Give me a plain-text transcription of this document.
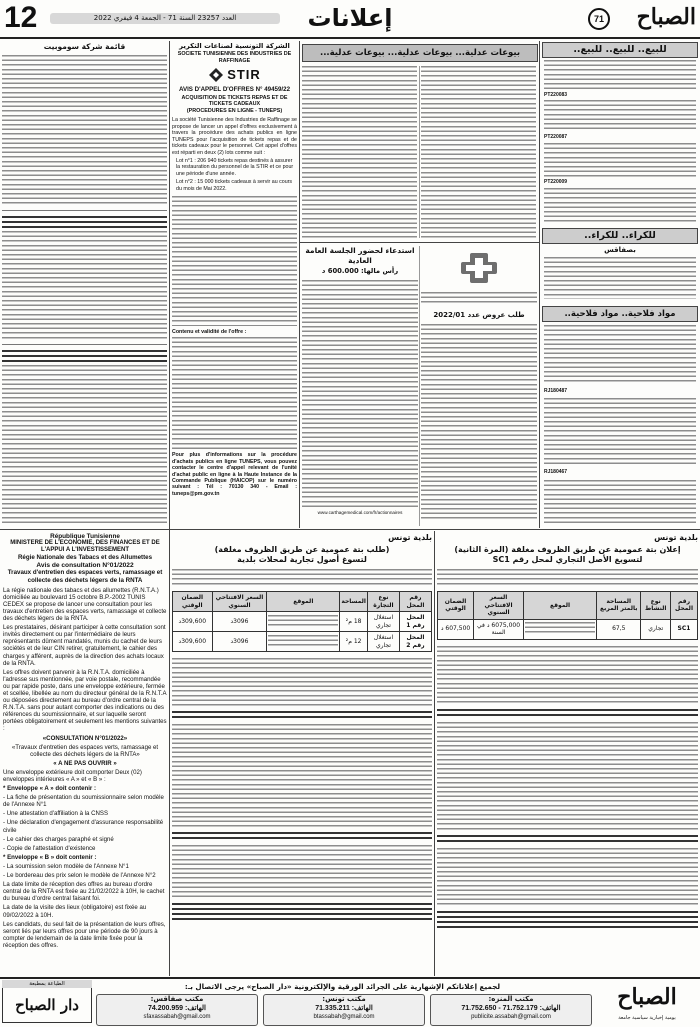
12	العدد 23257 السنة 71 - الجمعة 4 فيفري 2022	إعلانات	الصباح
71
للبيع.. للبيع.. للبيع..
PT220083
PT220087
PT220009
للكراء.. للكراء..
بصفاقس
مواد فلاحية.. مواد فلاحية..
RJ180487
RJ180467
بيوعات عدلية... بيوعات عدلية... بيوعات عدلية...
استدعاء لحضور الجلسة العامة العادية
رأس مالها: 600.000 د
www.carthagemedical.com/fr/actionnaires
طلب عروض عدد 2022/01
الشركة التونسية لصناعات التكرير
SOCIETE TUNISIENNE DES INDUSTRIES DE RAFFINAGE
STIR
AVIS D'APPEL D'OFFRES N° 49459/22
ACQUISITION DE TICKETS REPAS ET DE TICKETS CADEAUX
(PROCEDURES EN LIGNE - TUNEPS)
La société Tunisienne des Industries de Raffinage se propose de lancer un appel d'offres exclusivement à travers la procédure des achats publics en ligne TUNEPS pour l'acquisition de tickets repas et de tickets cadeaux pour le personnel. Cet appel d'offres est réparti en deux (2) lots comme suit :
Lot n°1 : 206 940 tickets repas destinés à assurer la restauration du personnel de la STIR et ce pour une période d'une année.
Lot n°2 : 15 000 tickets cadeaux à servir au cours du mois de Mai 2022.
Contenu et validité de l'offre :
Pour plus d'informations sur la procédure d'achats publics en ligne TUNEPS, vous pouvez contacter le centre d'appel relevant de l'unité d'achat public en ligne à la Haute Instance de la Commande Publique (HAICOP) sur le numéro suivant : Tél : 70130 340 - Email : tuneps@pm.gov.tn
قائمة شركة سوموبيت
République Tunisienne
MINISTERE DE L'ECONOMIE, DES FINANCES ET DE L'APPUI A L'INVESTISSEMENT
Régie Nationale des Tabacs et des Allumettes
Avis de consultation N°01/2022
Travaux d'entretien des espaces verts, ramassage et collecte des déchets légers de la RNTA

La régie nationale des tabacs et des allumettes (R.N.T.A.) domiciliée au boulevard 15 octobre B.P.-2002 TUNIS CEDEX se propose de lancer une consultation pour les travaux d'entretien des espaces verts, ramassage et collecte des déchets légers de la RNTA.

Les prestataires, désirant participer à cette consultation sont invités directement ou par l'intermédiaire de leurs représentants dûment mandatés, munis du cachet de leurs sociétés et de leur CIN retirer, gratuitement, le cahier des charges y afférent, auprès de la direction des achats locaux de la RNTA.

Les offres doivent parvenir à la R.N.T.A. domiciliée à l'adresse sus mentionnée, par voie postale, recommandée ou par rapide poste, dans une enveloppe extérieure, fermée et scellée, libellée au nom du directeur général de la R.N.T.A ou déposées directement au bureau d'ordre central de la R.N.T.A. sans pour autant comporter des indications ou des références du soumissionnaire, et sur laquelle seront portées obligatoirement et seulement les mentions suivantes :

«CONSULTATION N°01/2022»

«Travaux d'entretien des espaces verts, ramassage et collecte des déchets légers de la RNTA»

« A NE PAS OUVRIR »

Une enveloppe extérieure doit comporter Deux (02) enveloppes intérieures « A » et « B » :

* Enveloppe « A » doit contenir :

- La fiche de présentation du soumissionnaire selon modèle de l'Annexe N°1

- Une attestation d'affiliation à la CNSS

- Une déclaration d'engagement d'assurance responsabilité civile

- Le cahier des charges paraphé et signé

- Copie de l'attestation d'existence

* Enveloppe « B » doit contenir :

- La soumission selon modèle de l'Annexe N°1

- Le bordereau des prix selon le modèle de l'Annexe N°2

La date limite de réception des offres au bureau d'ordre central de la RNTA est fixée au 21/02/2022 à 10H, le cachet du bureau d'ordre central faisant foi.

La date de la visite des lieux (obligatoire) est fixée au 09/02/2022 à 10H.

Les candidats, du seul fait de la présentation de leurs offres, seront liés par leurs offres pour une période de 90 jours à compter de lendemain de la date limite fixée pour la réception des offres.

بلدية تونس
إعلان بتة عمومية عن طريق الظروف مغلقة (المرة الثانية)
لتسويغ الأصل التجاري لمحل رقم SC1
رقم المحل	نوع النشاط	المساحة بالمتر المربع	الموقع	السعر الافتتاحي السنوي	الضمان الوقتي
SC1	تجاري	67,5		6075,000 د في السنة	607,500 د
بلدية تونس
(طلب بتة عمومية عن طريق الظروف مغلقة)
لتسوغ أصول تجارية لمحلات بلدية
رقم المحل	نوع التجارة	المساحة	الموقع	السعر الافتتاحي السنوي	الضمان الوقتي
المحل رقم 1	استغلال تجاري	18 م²		3096د	309,600د
المحل رقم 2	استغلال تجاري	12 م²		3096د	309,600د
لجميع إعلاناتكم الإشهارية على الجرائد الورقية والإلكترونية «دار الصباح» يرجى الاتصال بـ:
مكتب المنزه:
الهاتف: 71.752.179 - 71.752.650
publicite.assabah@gmail.com
مكتب تونس:
الهاتف: 71.335.211
btassabah@gmail.com
مكتب صفاقس:
الهاتف: 74.200.959
sfaxassabah@gmail.com
الصباح
يومية إخبارية سياسية جامعة
الطباعة بمطبعة
دار الصباح
